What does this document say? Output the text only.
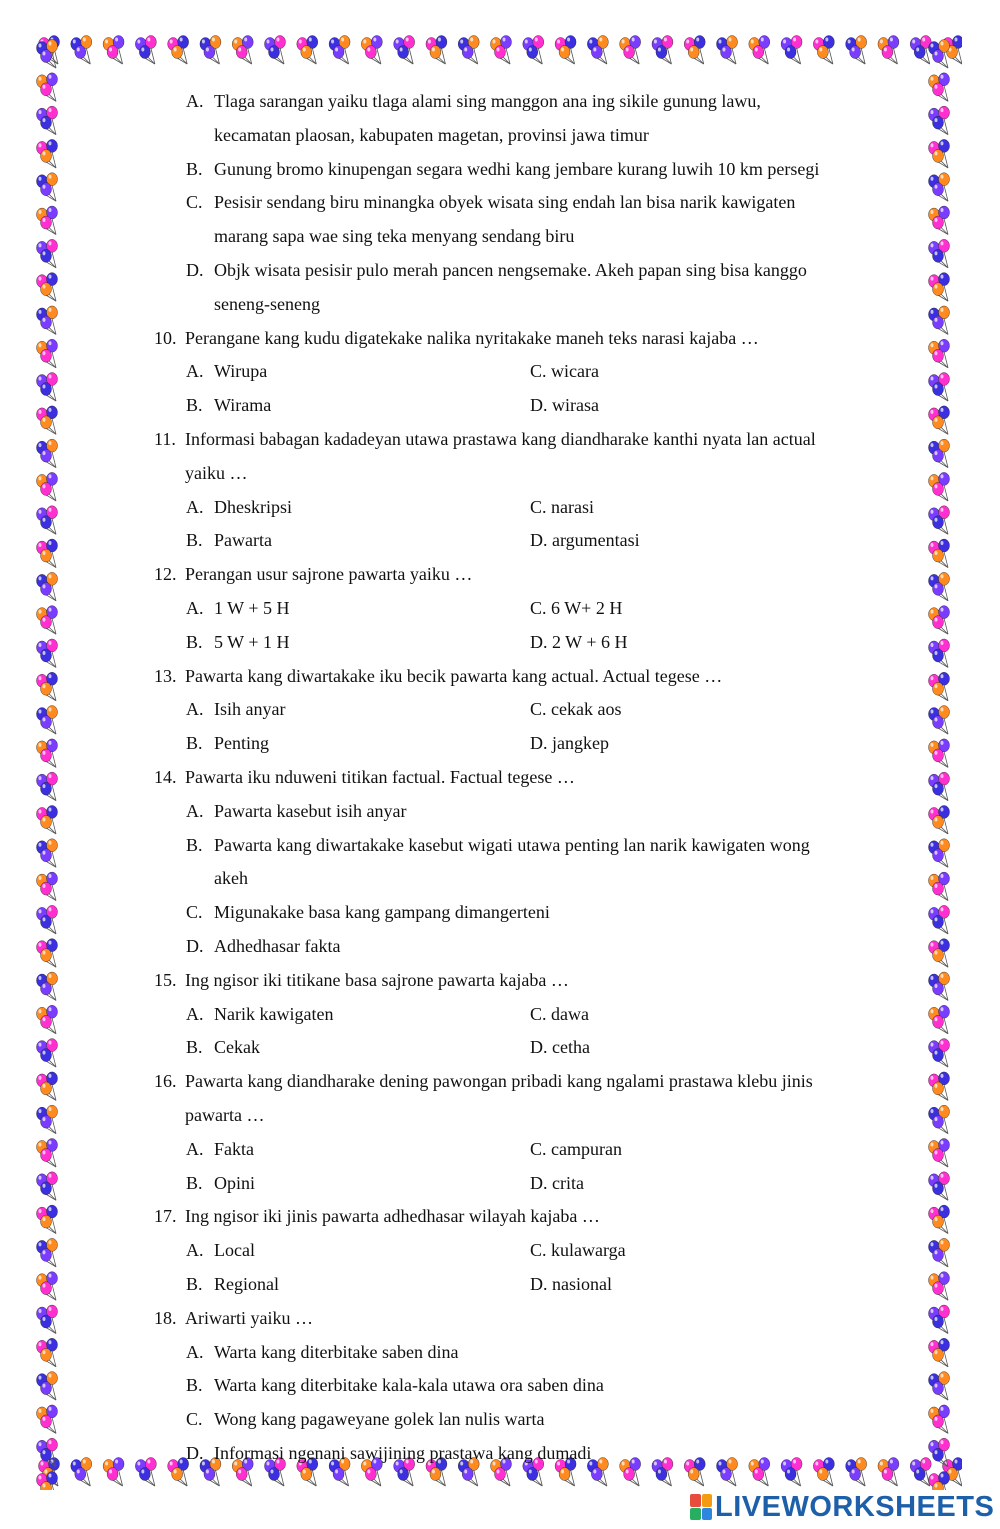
A. Tlaga sarangan yaiku tlaga alami sing manggon ana ing sikile gunung lawu,
kecamatan plaosan, kabupaten magetan, provinsi jawa timur
B. Gunung bromo kinupengan segara wedhi kang jembare kurang luwih 10 km persegi
C. Pesisir sendang biru minangka obyek wisata sing endah lan bisa narik kawigaten
marang sapa wae sing teka menyang sendang biru
D. Objk wisata pesisir pulo merah pancen nengsemake. Akeh papan sing bisa kanggo
seneng-seneng
10. Perangane kang kudu digatekake nalika nyritakake maneh teks narasi kajaba …
A. Wirupa	C. wicara
B. Wirama	D. wirasa
11. Informasi babagan kadadeyan utawa prastawa kang diandharake kanthi nyata lan actual
yaiku …
A. Dheskripsi	C. narasi
B. Pawarta	D. argumentasi
12. Perangan usur sajrone pawarta yaiku …
A. 1 W + 5 H	C. 6 W+ 2 H
B. 5 W + 1 H	D. 2 W + 6 H
13. Pawarta kang diwartakake iku becik pawarta kang actual. Actual tegese …
A. Isih anyar	C. cekak aos
B. Penting	D. jangkep
14. Pawarta iku nduweni titikan factual. Factual tegese …
A. Pawarta kasebut isih anyar
B. Pawarta kang diwartakake kasebut wigati utawa penting lan narik kawigaten wong
akeh
C. Migunakake basa kang gampang dimangerteni
D. Adhedhasar fakta
15. Ing ngisor iki titikane basa sajrone pawarta kajaba …
A. Narik kawigaten	C. dawa
B. Cekak	D. cetha
16. Pawarta kang diandharake dening pawongan pribadi kang ngalami prastawa klebu jinis
pawarta …
A. Fakta	C. campuran
B. Opini	D. crita
17. Ing ngisor iki jinis pawarta adhedhasar wilayah kajaba …
A. Local	C. kulawarga
B. Regional	D. nasional
18. Ariwarti yaiku …
A. Warta kang diterbitake saben dina
B. Warta kang diterbitake kala-kala utawa ora saben dina
C. Wong kang pagaweyane golek lan nulis warta
D. Informasi ngenani sawijining prastawa kang dumadi
LIVEWORKSHEETS
